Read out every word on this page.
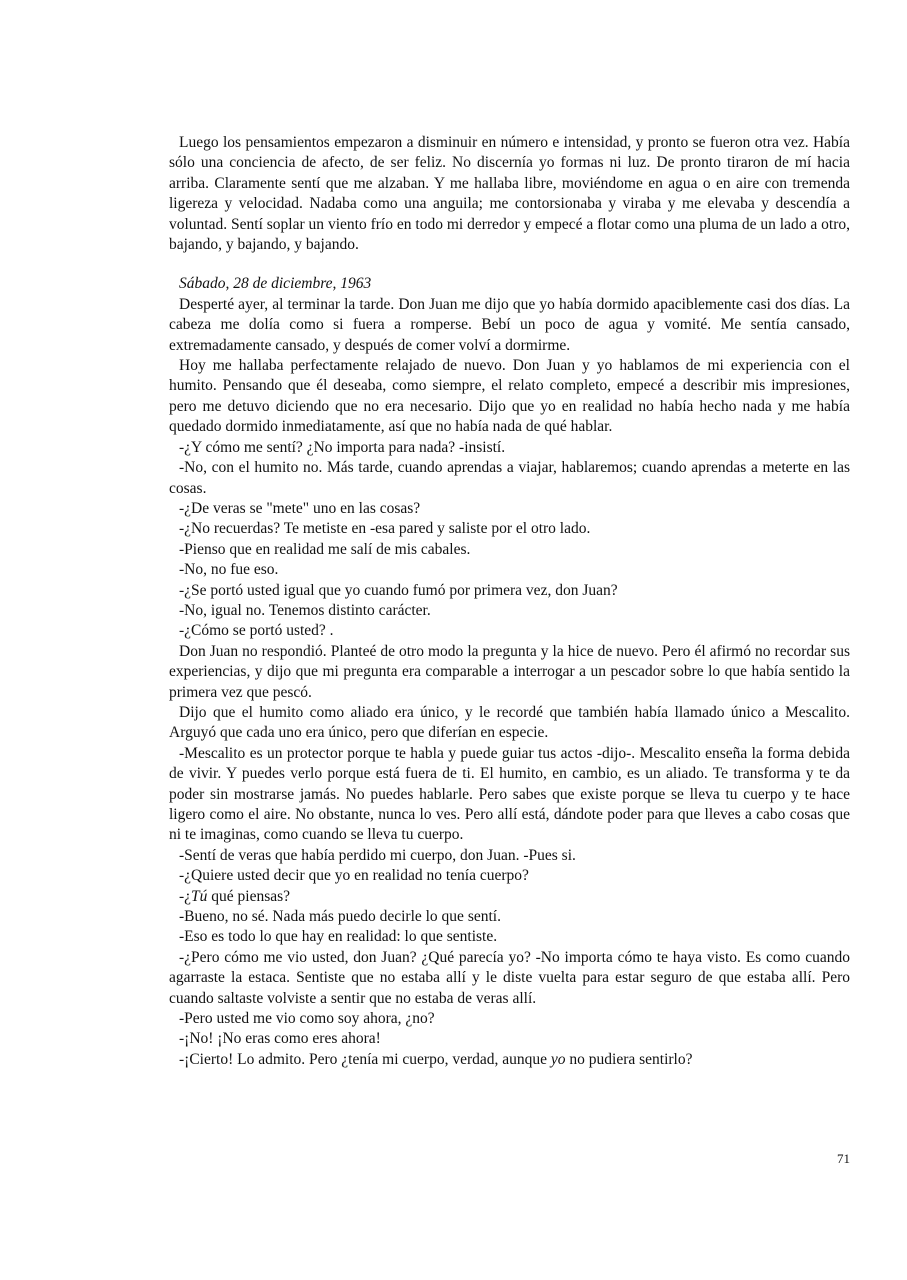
Luego los pensamientos empezaron a disminuir en número e intensidad, y pronto se fueron otra vez. Había sólo una conciencia de afecto, de ser feliz. No discernía yo formas ni luz. De pronto tiraron de mí hacia arriba. Claramente sentí que me alzaban. Y me hallaba libre, moviéndome en agua o en aire con tremenda ligereza y velocidad. Nadaba como una anguila; me contorsionaba y viraba y me elevaba y descendía a voluntad. Sentí soplar un viento frío en todo mi derredor y empecé a flotar como una pluma de un lado a otro, bajando, y bajando, y bajando.

Sábado, 28 de diciembre, 1963

Desperté ayer, al terminar la tarde. Don Juan me dijo que yo había dormido apaciblemente casi dos días. La cabeza me dolía como si fuera a romperse. Bebí un poco de agua y vomité. Me sentía cansado, extremadamente cansado, y después de comer volví a dormirme.

Hoy me hallaba perfectamente relajado de nuevo. Don Juan y yo hablamos de mi experiencia con el humito. Pensando que él deseaba, como siempre, el relato completo, empecé a describir mis impresiones, pero me detuvo diciendo que no era necesario. Dijo que yo en realidad no había hecho nada y me había quedado dormido inmediatamente, así que no había nada de qué hablar.

-¿Y cómo me sentí? ¿No importa para nada? -insistí.

-No, con el humito no. Más tarde, cuando aprendas a viajar, hablaremos; cuando aprendas a meterte en las cosas.

-¿De veras se "mete" uno en las cosas?

-¿No recuerdas? Te metiste en -esa pared y saliste por el otro lado.

-Pienso que en realidad me salí de mis cabales.

-No, no fue eso.

-¿Se portó usted igual que yo cuando fumó por primera vez, don Juan?

-No, igual no. Tenemos distinto carácter.

-¿Cómo se portó usted? .

Don Juan no respondió. Planteé de otro modo la pregunta y la hice de nuevo. Pero él afirmó no recordar sus experiencias, y dijo que mi pregunta era comparable a interrogar a un pescador sobre lo que había sentido la primera vez que pescó.

Dijo que el humito como aliado era único, y le recordé que también había llamado único a Mescalito. Arguyó que cada uno era único, pero que diferían en especie.

-Mescalito es un protector porque te habla y puede guiar tus actos -dijo-. Mescalito enseña la forma debida de vivir. Y puedes verlo porque está fuera de ti. El humito, en cambio, es un aliado. Te transforma y te da poder sin mostrarse jamás. No puedes hablarle. Pero sabes que existe porque se lleva tu cuerpo y te hace ligero como el aire. No obstante, nunca lo ves. Pero allí está, dándote poder para que lleves a cabo cosas que ni te imaginas, como cuando se lleva tu cuerpo.

-Sentí de veras que había perdido mi cuerpo, don Juan. -Pues si.

-¿Quiere usted decir que yo en realidad no tenía cuerpo?

-¿Tú qué piensas?

-Bueno, no sé. Nada más puedo decirle lo que sentí.

-Eso es todo lo que hay en realidad: lo que sentiste.

-¿Pero cómo me vio usted, don Juan? ¿Qué parecía yo? -No importa cómo te haya visto. Es como cuando agarraste la estaca. Sentiste que no estaba allí y le diste vuelta para estar seguro de que estaba allí. Pero cuando saltaste volviste a sentir que no estaba de veras allí.

-Pero usted me vio como soy ahora, ¿no?

-¡No! ¡No eras como eres ahora!

-¡Cierto! Lo admito. Pero ¿tenía mi cuerpo, verdad, aunque yo no pudiera sentirlo?

71
